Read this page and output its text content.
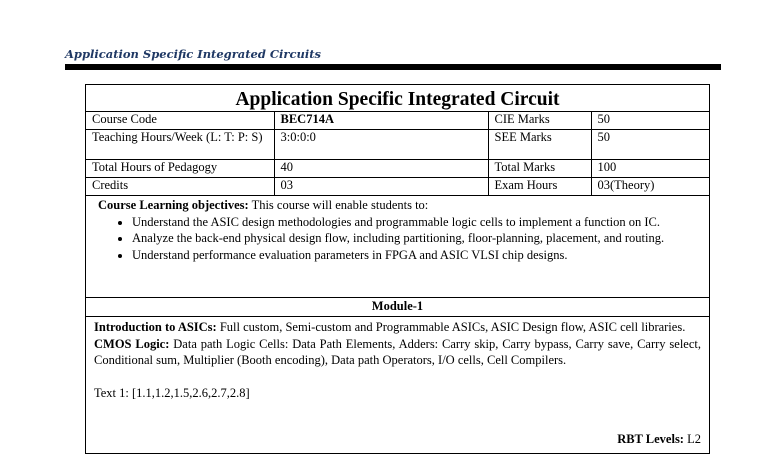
Application Specific Integrated Circuits
Application Specific Integrated Circuit
Course Code	BEC714A	CIE Marks	50
Teaching Hours/Week (L: T: P: S)	3:0:0:0	SEE Marks	50
Total Hours of Pedagogy	40	Total Marks	100
Credits	03	Exam Hours	03(Theory)
Course Learning objectives: This course will enable students to:
• Understand the ASIC design methodologies and programmable logic cells to implement a function on IC.
• Analyze the back-end physical design flow, including partitioning, floor-planning, placement, and routing.
• Understand performance evaluation parameters in FPGA and ASIC VLSI chip designs.
Module-1

Introduction to ASICs: Full custom, Semi-custom and Programmable ASICs, ASIC Design flow, ASIC cell libraries.

CMOS Logic: Data path Logic Cells: Data Path Elements, Adders: Carry skip, Carry bypass, Carry save, Carry select, Conditional sum, Multiplier (Booth encoding), Data path Operators, I/O cells, Cell Compilers.

Text 1: [1.1,1.2,1.5,2.6,2.7,2.8]

RBT Levels: L2
